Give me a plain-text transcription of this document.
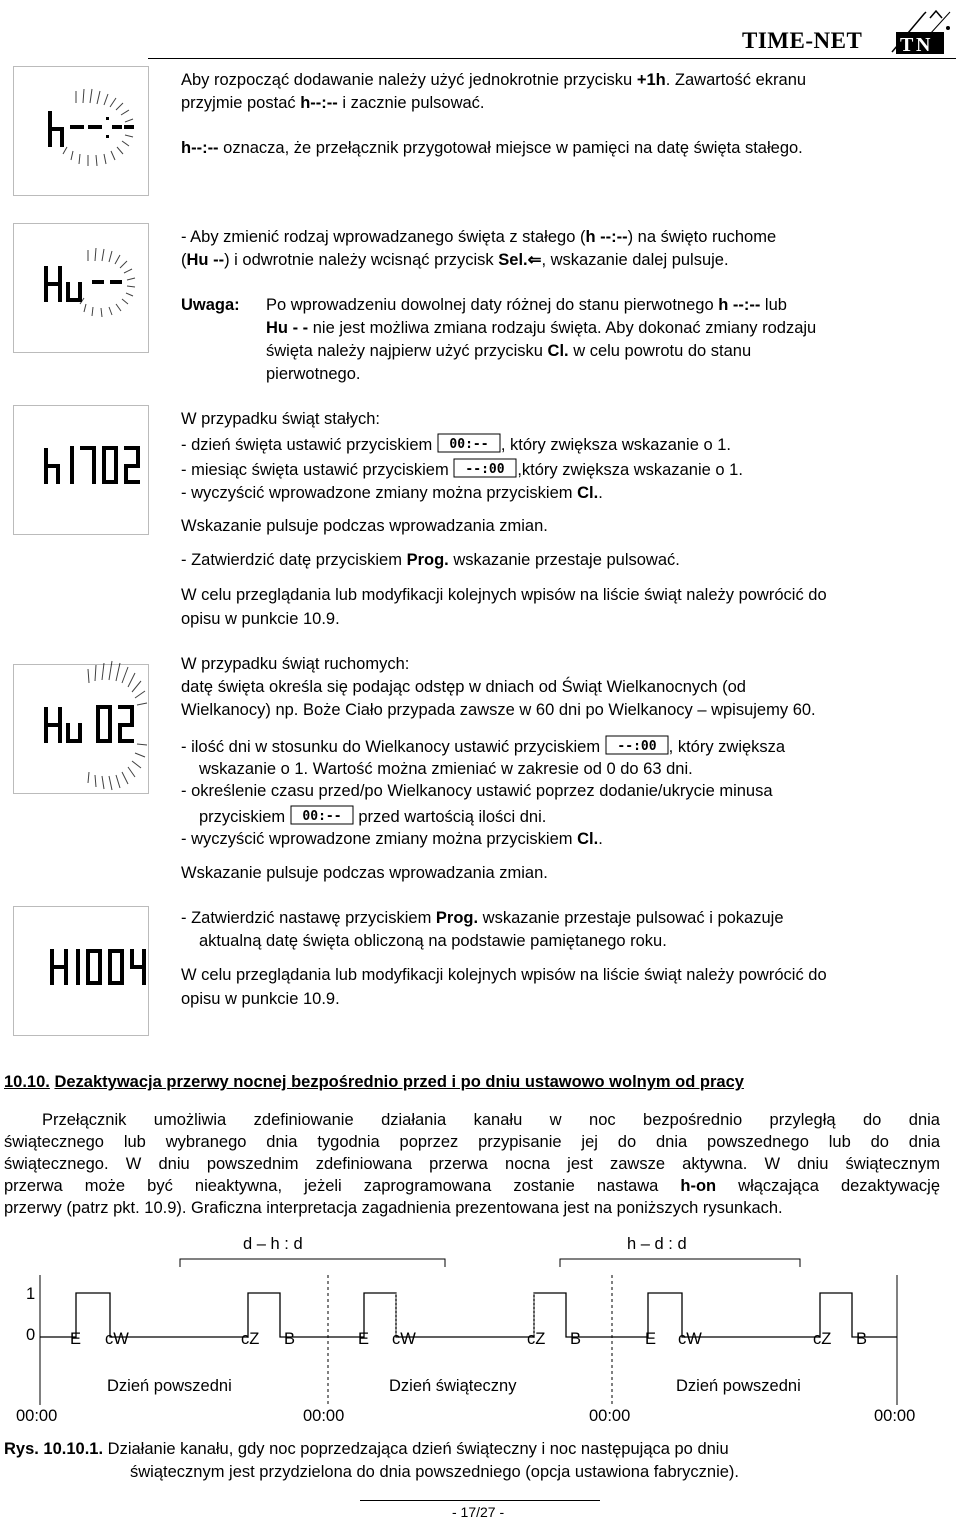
TIME-NET T N
Aby rozpocząć dodawanie należy użyć jednokrotnie przycisku +1h. Zawartość ekranu
przyjmie postać h--:-- i zacznie pulsować.
h--:-- oznacza, że przełącznik przygotował miejsce w pamięci na datę święta stałego.
- Aby zmienić rodzaj wprowadzanego święta z stałego (h --:--) na święto ruchome
(Hu --) i odwrotnie należy wcisnąć przycisk Sel.⇐, wskazanie dalej pulsuje.
Uwaga: Po wprowadzeniu dowolnej daty różnej do stanu pierwotnego h --:-- lub
Hu - - nie jest możliwa zmiana rodzaju święta. Aby dokonać zmiany rodzaju
święta należy najpierw użyć przycisku Cl. w celu powrotu do stanu
pierwotnego.
W przypadku świąt stałych:
- dzień święta ustawić przyciskiem 00:-- , który zwiększa wskazanie o 1.
- miesiąc święta ustawić przyciskiem --:00 ,który zwiększa wskazanie o 1.
- wyczyścić wprowadzone zmiany można przyciskiem Cl..
Wskazanie pulsuje podczas wprowadzania zmian.
- Zatwierdzić datę przyciskiem Prog. wskazanie przestaje pulsować.
W celu przeglądania lub modyfikacji kolejnych wpisów na liście świąt należy powrócić do
opisu w punkcie 10.9.
W przypadku świąt ruchomych:
datę święta określa się podając odstęp w dniach od Świąt Wielkanocnych (od
Wielkanocy) np. Boże Ciało przypada zawsze w 60 dni po Wielkanocy – wpisujemy 60.
- ilość dni w stosunku do Wielkanocy ustawić przyciskiem --:00 , który zwiększa
wskazanie o 1. Wartość można zmieniać w zakresie od 0 do 63 dni.
- określenie czasu przed/po Wielkanocy ustawić poprzez dodanie/ukrycie minusa
przyciskiem 00:-- przed wartością ilości dni.
- wyczyścić wprowadzone zmiany można przyciskiem Cl..
Wskazanie pulsuje podczas wprowadzania zmian.
- Zatwierdzić nastawę przyciskiem Prog. wskazanie przestaje pulsować i pokazuje
aktualną datę święta obliczoną na podstawie pamiętanego roku.
W celu przeglądania lub modyfikacji kolejnych wpisów na liście świąt należy powrócić do
opisu w punkcie 10.9.
10.10. Dezaktywacja przerwy nocnej bezpośrednio przed i po dniu ustawowo wolnym od pracy
Przełącznik umożliwia zdefiniowanie działania kanału w noc bezpośrednio przyległą do dnia
świątecznego lub wybranego dnia tygodnia poprzez przypisanie jej do dnia powszednego lub do dnia
świątecznego. W dniu powszednim zdefiniowana przerwa nocna jest zawsze aktywna. W dniu świątecznym
przerwa może być nieaktywna, jeżeli zaprogramowana zostanie nastawa h-on włączająca dezaktywację
przerwy (patrz pkt. 10.9). Graficzna interpretacja zagadnienia prezentowana jest na poniższych rysunkach.
d – h : d	h – d : d
1
0 E cW	cZ B	E cW	cZ B	E cW	cZ B
Dzień powszedni	Dzień świąteczny	Dzień powszedni
00:00	00:00	00:00	00:00
Rys. 10.10.1. Działanie kanału, gdy noc poprzedzająca dzień świąteczny i noc następująca po dniu
świątecznym jest przydzielona do dnia powszedniego (opcja ustawiona fabrycznie).
- 17/27 -
